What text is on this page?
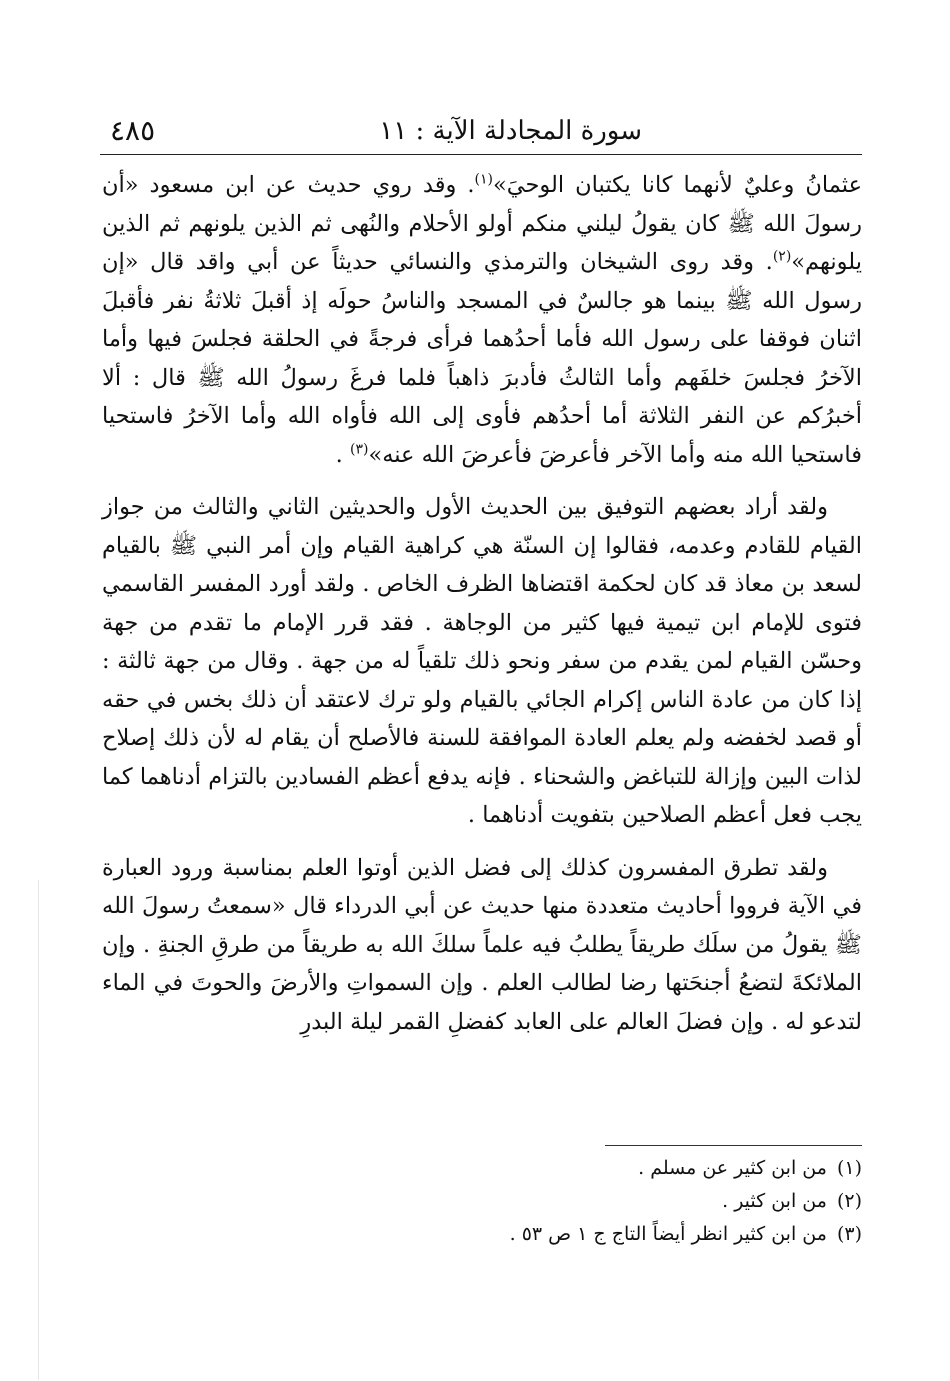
سورة المجادلة الآية : ١١
٤٨٥

عثمانُ وعليٌ لأنهما كانا يكتبان الوحيَ»$^{(١)}$. وقد روي حديث عن ابن مسعود «أن رسولَ الله ﷺ كان يقولُ ليلني منكم أولو الأحلام والنُهى ثم الذين يلونهم ثم الذين يلونهم»$^{(٢)}$. وقد روى الشيخان والترمذي والنسائي حديثاً عن أبي واقد قال «إن رسول الله ﷺ بينما هو جالسٌ في المسجد والناسُ حولَه إذ أقبلَ ثلاثةُ نفر فأقبلَ اثنان فوقفا على رسول الله فأما أحدُهما فرأى فرجةً في الحلقة فجلسَ فيها وأما الآخرُ فجلسَ خلفَهم وأما الثالثُ فأدبرَ ذاهباً فلما فرغَ رسولُ الله ﷺ قال : ألا أخبرُكم عن النفر الثلاثة أما أحدُهم فأوى إلى الله فأواه الله وأما الآخرُ فاستحيا فاستحيا الله منه وأما الآخر فأعرضَ فأعرضَ الله عنه»$^{(٣)}$ .

ولقد أراد بعضهم التوفيق بين الحديث الأول والحديثين الثاني والثالث من جواز القيام للقادم وعدمه، فقالوا إن السنّة هي كراهية القيام وإن أمر النبي ﷺ بالقيام لسعد بن معاذ قد كان لحكمة اقتضاها الظرف الخاص . ولقد أورد المفسر القاسمي فتوى للإمام ابن تيمية فيها كثير من الوجاهة . فقد قرر الإمام ما تقدم من جهة وحسّن القيام لمن يقدم من سفر ونحو ذلك تلقياً له من جهة . وقال من جهة ثالثة : إذا كان من عادة الناس إكرام الجائي بالقيام ولو ترك لاعتقد أن ذلك بخس في حقه أو قصد لخفضه ولم يعلم العادة الموافقة للسنة فالأصلح أن يقام له لأن ذلك إصلاح لذات البين وإزالة للتباغض والشحناء . فإنه يدفع أعظم الفسادين بالتزام أدناهما كما يجب فعل أعظم الصلاحين بتفويت أدناهما .

ولقد تطرق المفسرون كذلك إلى فضل الذين أوتوا العلم بمناسبة ورود العبارة في الآية فرووا أحاديث متعددة منها حديث عن أبي الدرداء قال «سمعتُ رسولَ الله ﷺ يقولُ من سلَك طريقاً يطلبُ فيه علماً سلكَ الله به طريقاً من طرقِ الجنةِ . وإن الملائكةَ لتضعُ أجنحَتها رضا لطالب العلم . وإن السمواتِ والأرضَ والحوتَ في الماء لتدعو له . وإن فضلَ العالم على العابد كفضلِ القمر ليلة البدرِ

(١)من ابن كثير عن مسلم .
(٢)من ابن كثير .
(٣)من ابن كثير انظر أيضاً التاج ج ١ ص ٥٣ .
